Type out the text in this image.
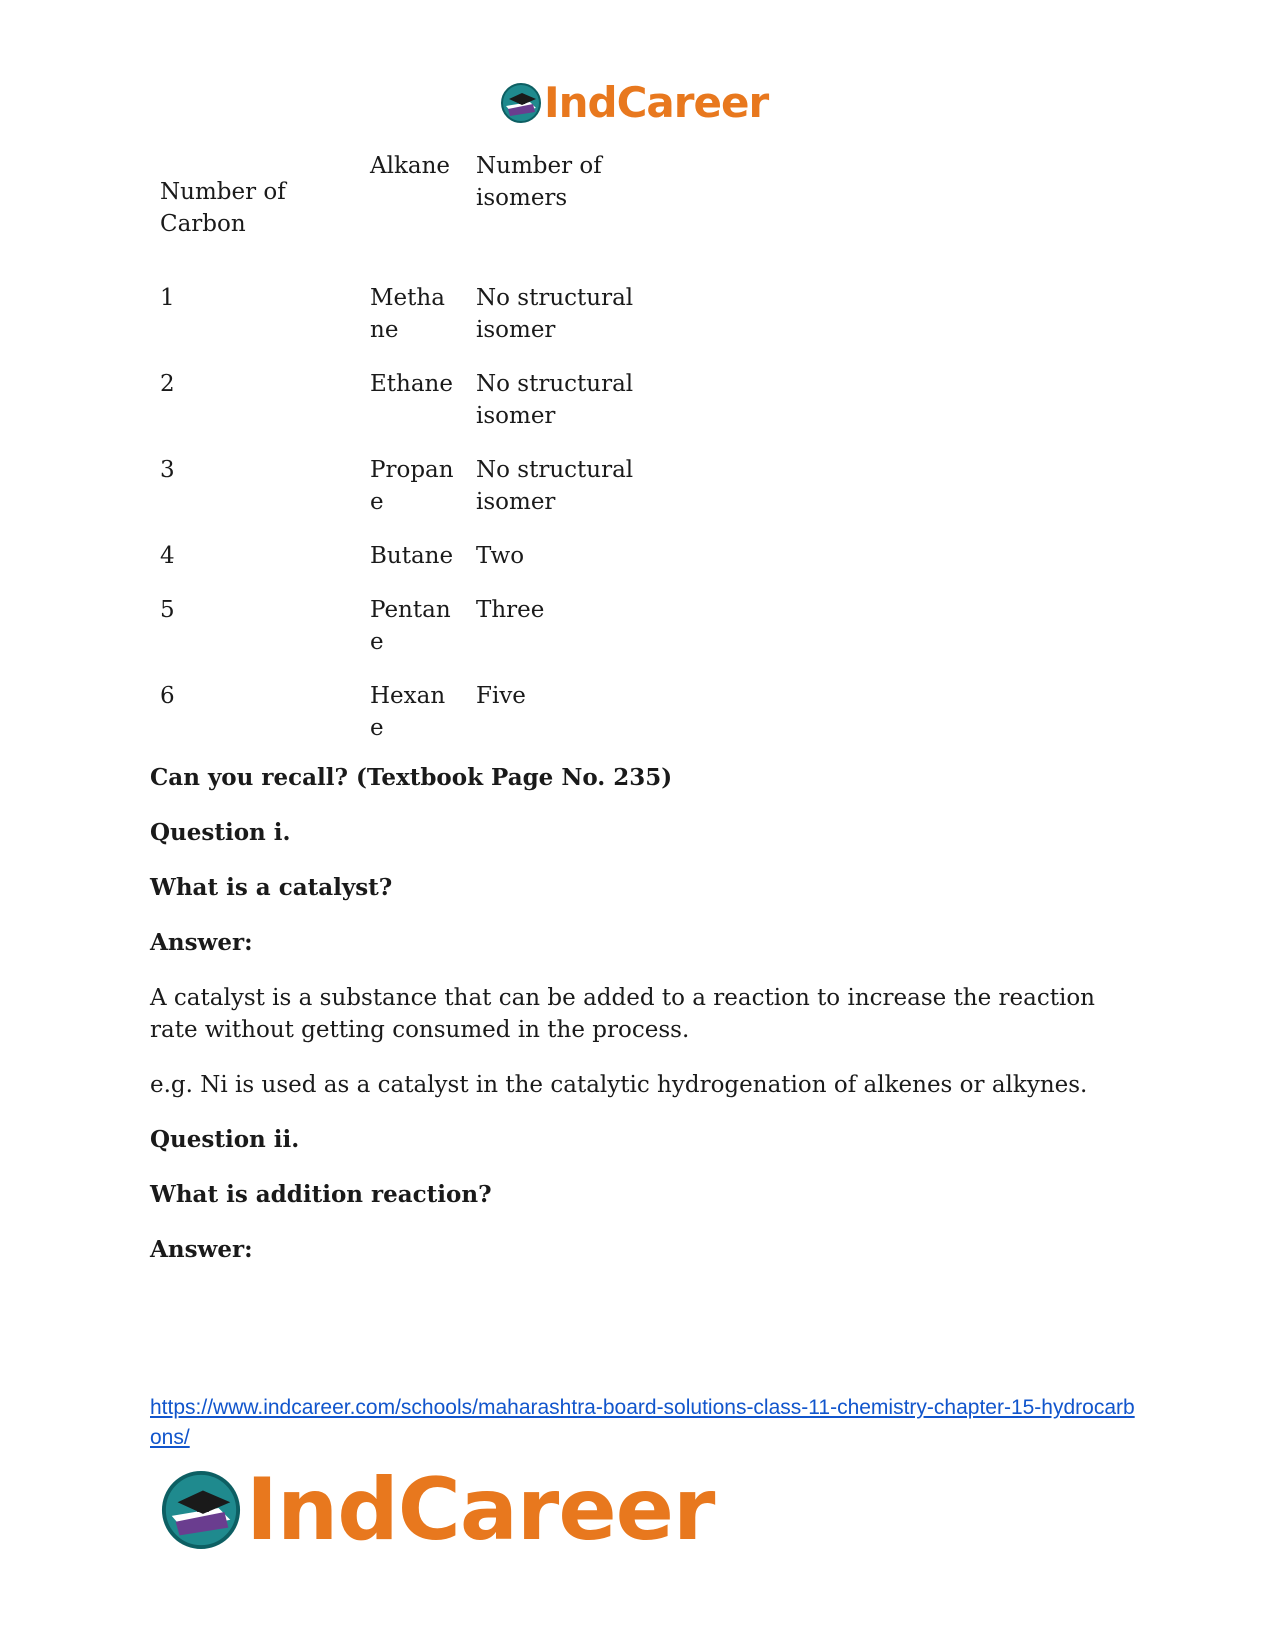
IndCareer
Number of Carbon	Alkane	Number of isomers
1	Methane	No structural isomer
2	Ethane	No structural isomer
3	Propane	No structural isomer
4	Butane	Two
5	Pentane	Three
6	Hexane	Five

Can you recall? (Textbook Page No. 235)

Question i.

What is a catalyst?

Answer:

A catalyst is a substance that can be added to a reaction to increase the reaction rate without getting consumed in the process.

e.g. Ni is used as a catalyst in the catalytic hydrogenation of alkenes or alkynes.

Question ii.

What is addition reaction?

Answer:

https://www.indcareer.com/schools/maharashtra-board-solutions-class-11-chemistry-chapter-15-hydrocarbons/
IndCareer
